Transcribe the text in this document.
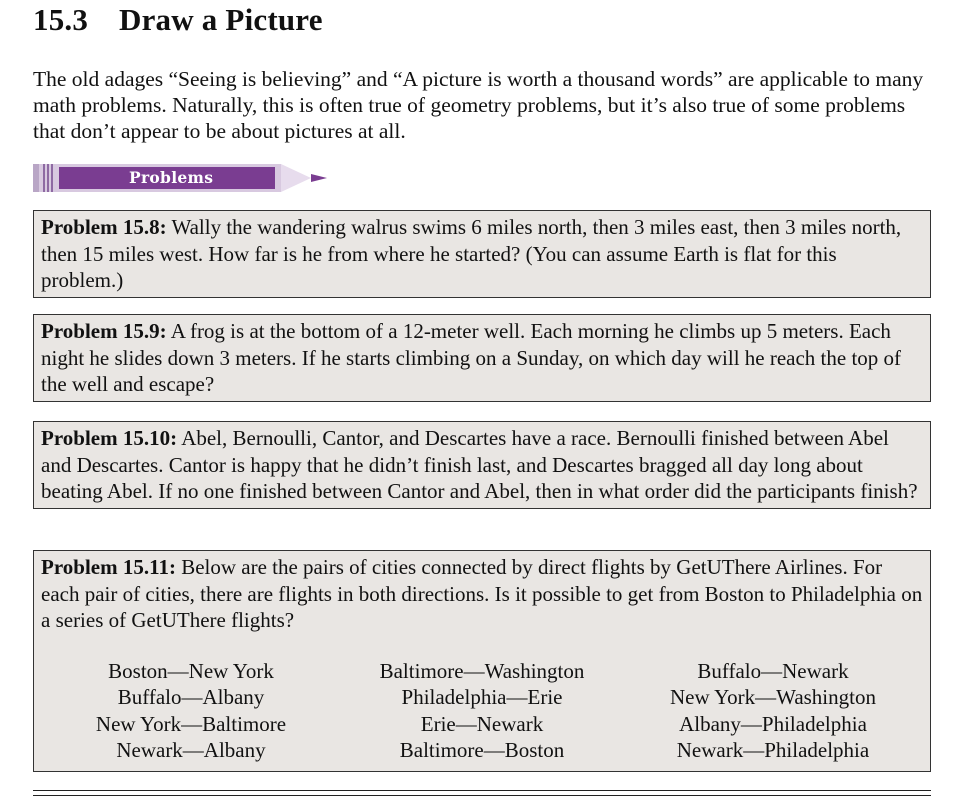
15.3 Draw a Picture
The old adages “Seeing is believing” and “A picture is worth a thousand words” are applicable to many math problems. Naturally, this is often true of geometry problems, but it’s also true of some problems that don’t appear to be about pictures at all.
Problems
Problem 15.8: Wally the wandering walrus swims 6 miles north, then 3 miles east, then 3 miles north, then 15 miles west. How far is he from where he started? (You can assume Earth is flat for this problem.)
Problem 15.9: A frog is at the bottom of a 12-meter well. Each morning he climbs up 5 meters. Each night he slides down 3 meters. If he starts climbing on a Sunday, on which day will he reach the top of the well and escape?
Problem 15.10: Abel, Bernoulli, Cantor, and Descartes have a race. Bernoulli finished between Abel and Descartes. Cantor is happy that he didn’t finish last, and Descartes bragged all day long about beating Abel. If no one finished between Cantor and Abel, then in what order did the participants finish?
Problem 15.11: Below are the pairs of cities connected by direct flights by GetUThere Airlines. For each pair of cities, there are flights in both directions. Is it possible to get from Boston to Philadelphia on a series of GetUThere flights?
Boston—New York
Buffalo—Albany
New York—Baltimore
Newark—Albany
Baltimore—Washington
Philadelphia—Erie
Erie—Newark
Baltimore—Boston
Buffalo—Newark
New York—Washington
Albany—Philadelphia
Newark—Philadelphia
